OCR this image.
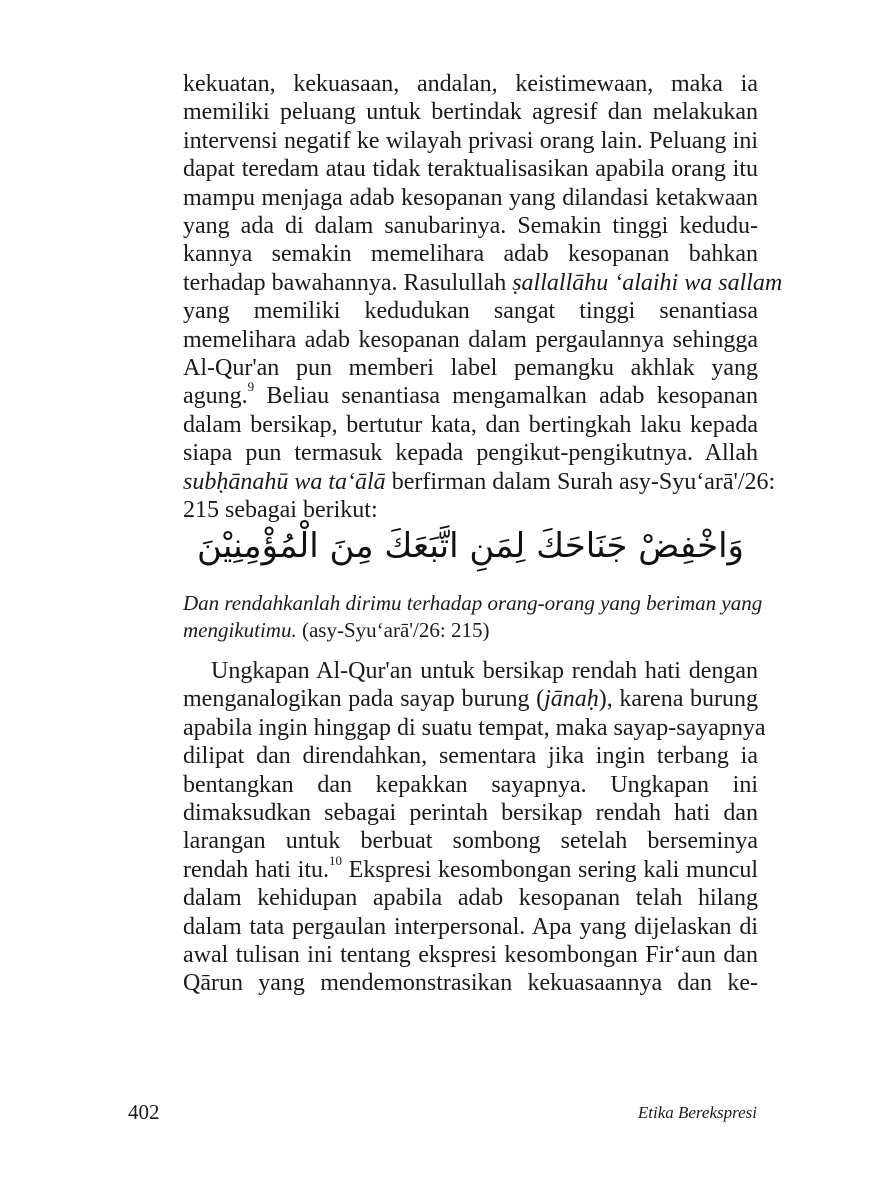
kekuatan, kekuasaan, andalan, keistimewaan, maka ia
memiliki peluang untuk bertindak agresif dan melakukan
intervensi negatif ke wilayah privasi orang lain. Peluang ini
dapat teredam atau tidak teraktualisasikan apabila orang itu
mampu menjaga adab kesopanan yang dilandasi ketakwaan
yang ada di dalam sanubarinya. Semakin tinggi kedudu-
kannya semakin memelihara adab kesopanan bahkan
terhadap bawahannya. Rasulullah ṣallallāhu ‘alaihi wa sallam
yang memiliki kedudukan sangat tinggi senantiasa
memelihara adab kesopanan dalam pergaulannya sehingga
Al-Qur'an pun memberi label pemangku akhlak yang
agung.$^9$ Beliau senantiasa mengamalkan adab kesopanan
dalam bersikap, bertutur kata, dan bertingkah laku kepada
siapa pun termasuk kepada pengikut-pengikutnya. Allah
subḥānahū wa ta‘ālā berfirman dalam Surah asy-Syu‘arā'/26:
215 sebagai berikut:

وَاخْفِضْ جَنَاحَكَ لِمَنِ اتَّبَعَكَ مِنَ الْمُؤْمِنِيْنَ

Dan rendahkanlah dirimu terhadap orang-orang yang beriman yang
mengikutimu. (asy-Syu‘arā'/26: 215)

Ungkapan Al-Qur'an untuk bersikap rendah hati dengan
menganalogikan pada sayap burung (jānaḥ), karena burung
apabila ingin hinggap di suatu tempat, maka sayap-sayapnya
dilipat dan direndahkan, sementara jika ingin terbang ia
bentangkan dan kepakkan sayapnya. Ungkapan ini
dimaksudkan sebagai perintah bersikap rendah hati dan
larangan untuk berbuat sombong setelah berseminya
rendah hati itu.$^{10}$ Ekspresi kesombongan sering kali muncul
dalam kehidupan apabila adab kesopanan telah hilang
dalam tata pergaulan interpersonal. Apa yang dijelaskan di
awal tulisan ini tentang ekspresi kesombongan Fir‘aun dan
Qārun yang mendemonstrasikan kekuasaannya dan ke-

402	Etika Berekspresi
